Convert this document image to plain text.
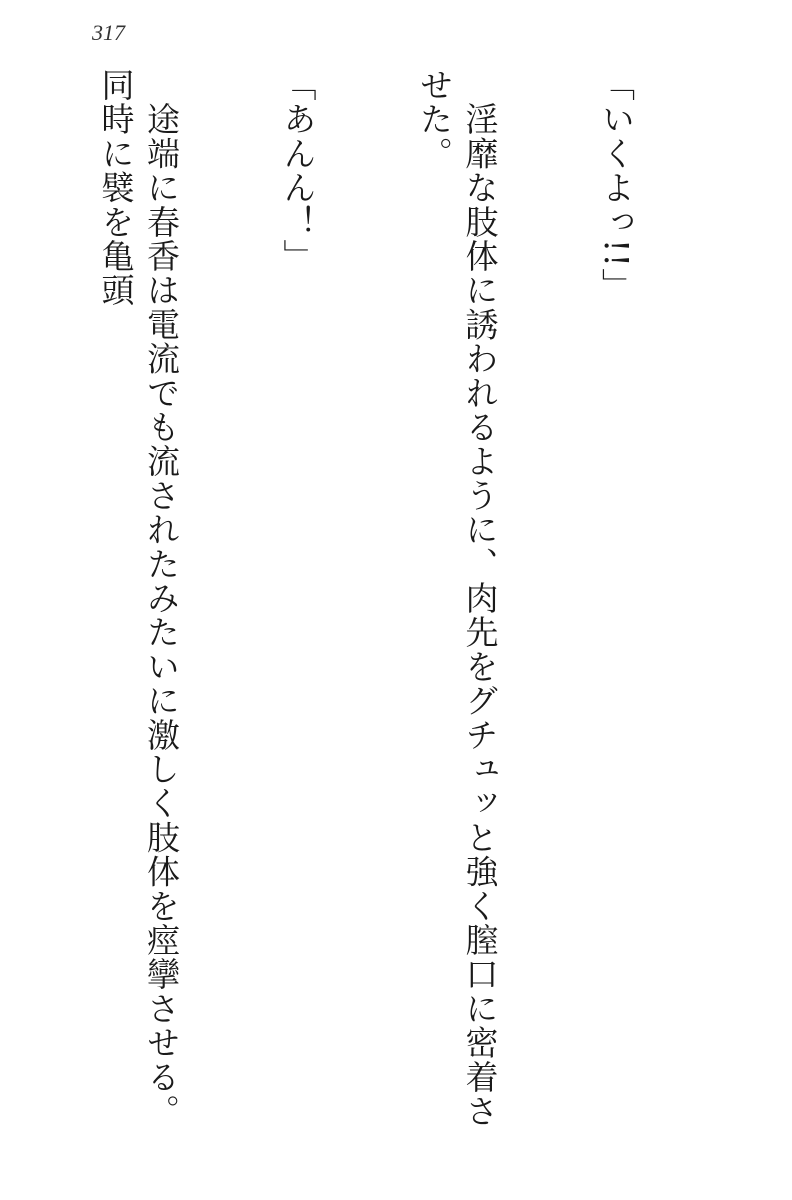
317

「いくよっ!!」

　淫靡な肢体に誘われるように、肉先をグチュッと強く膣口に密着させた。

「あんん！」

　途端に春香は電流でも流されたみたいに激しく肢体を痙攣させる。同時に襞を亀頭
